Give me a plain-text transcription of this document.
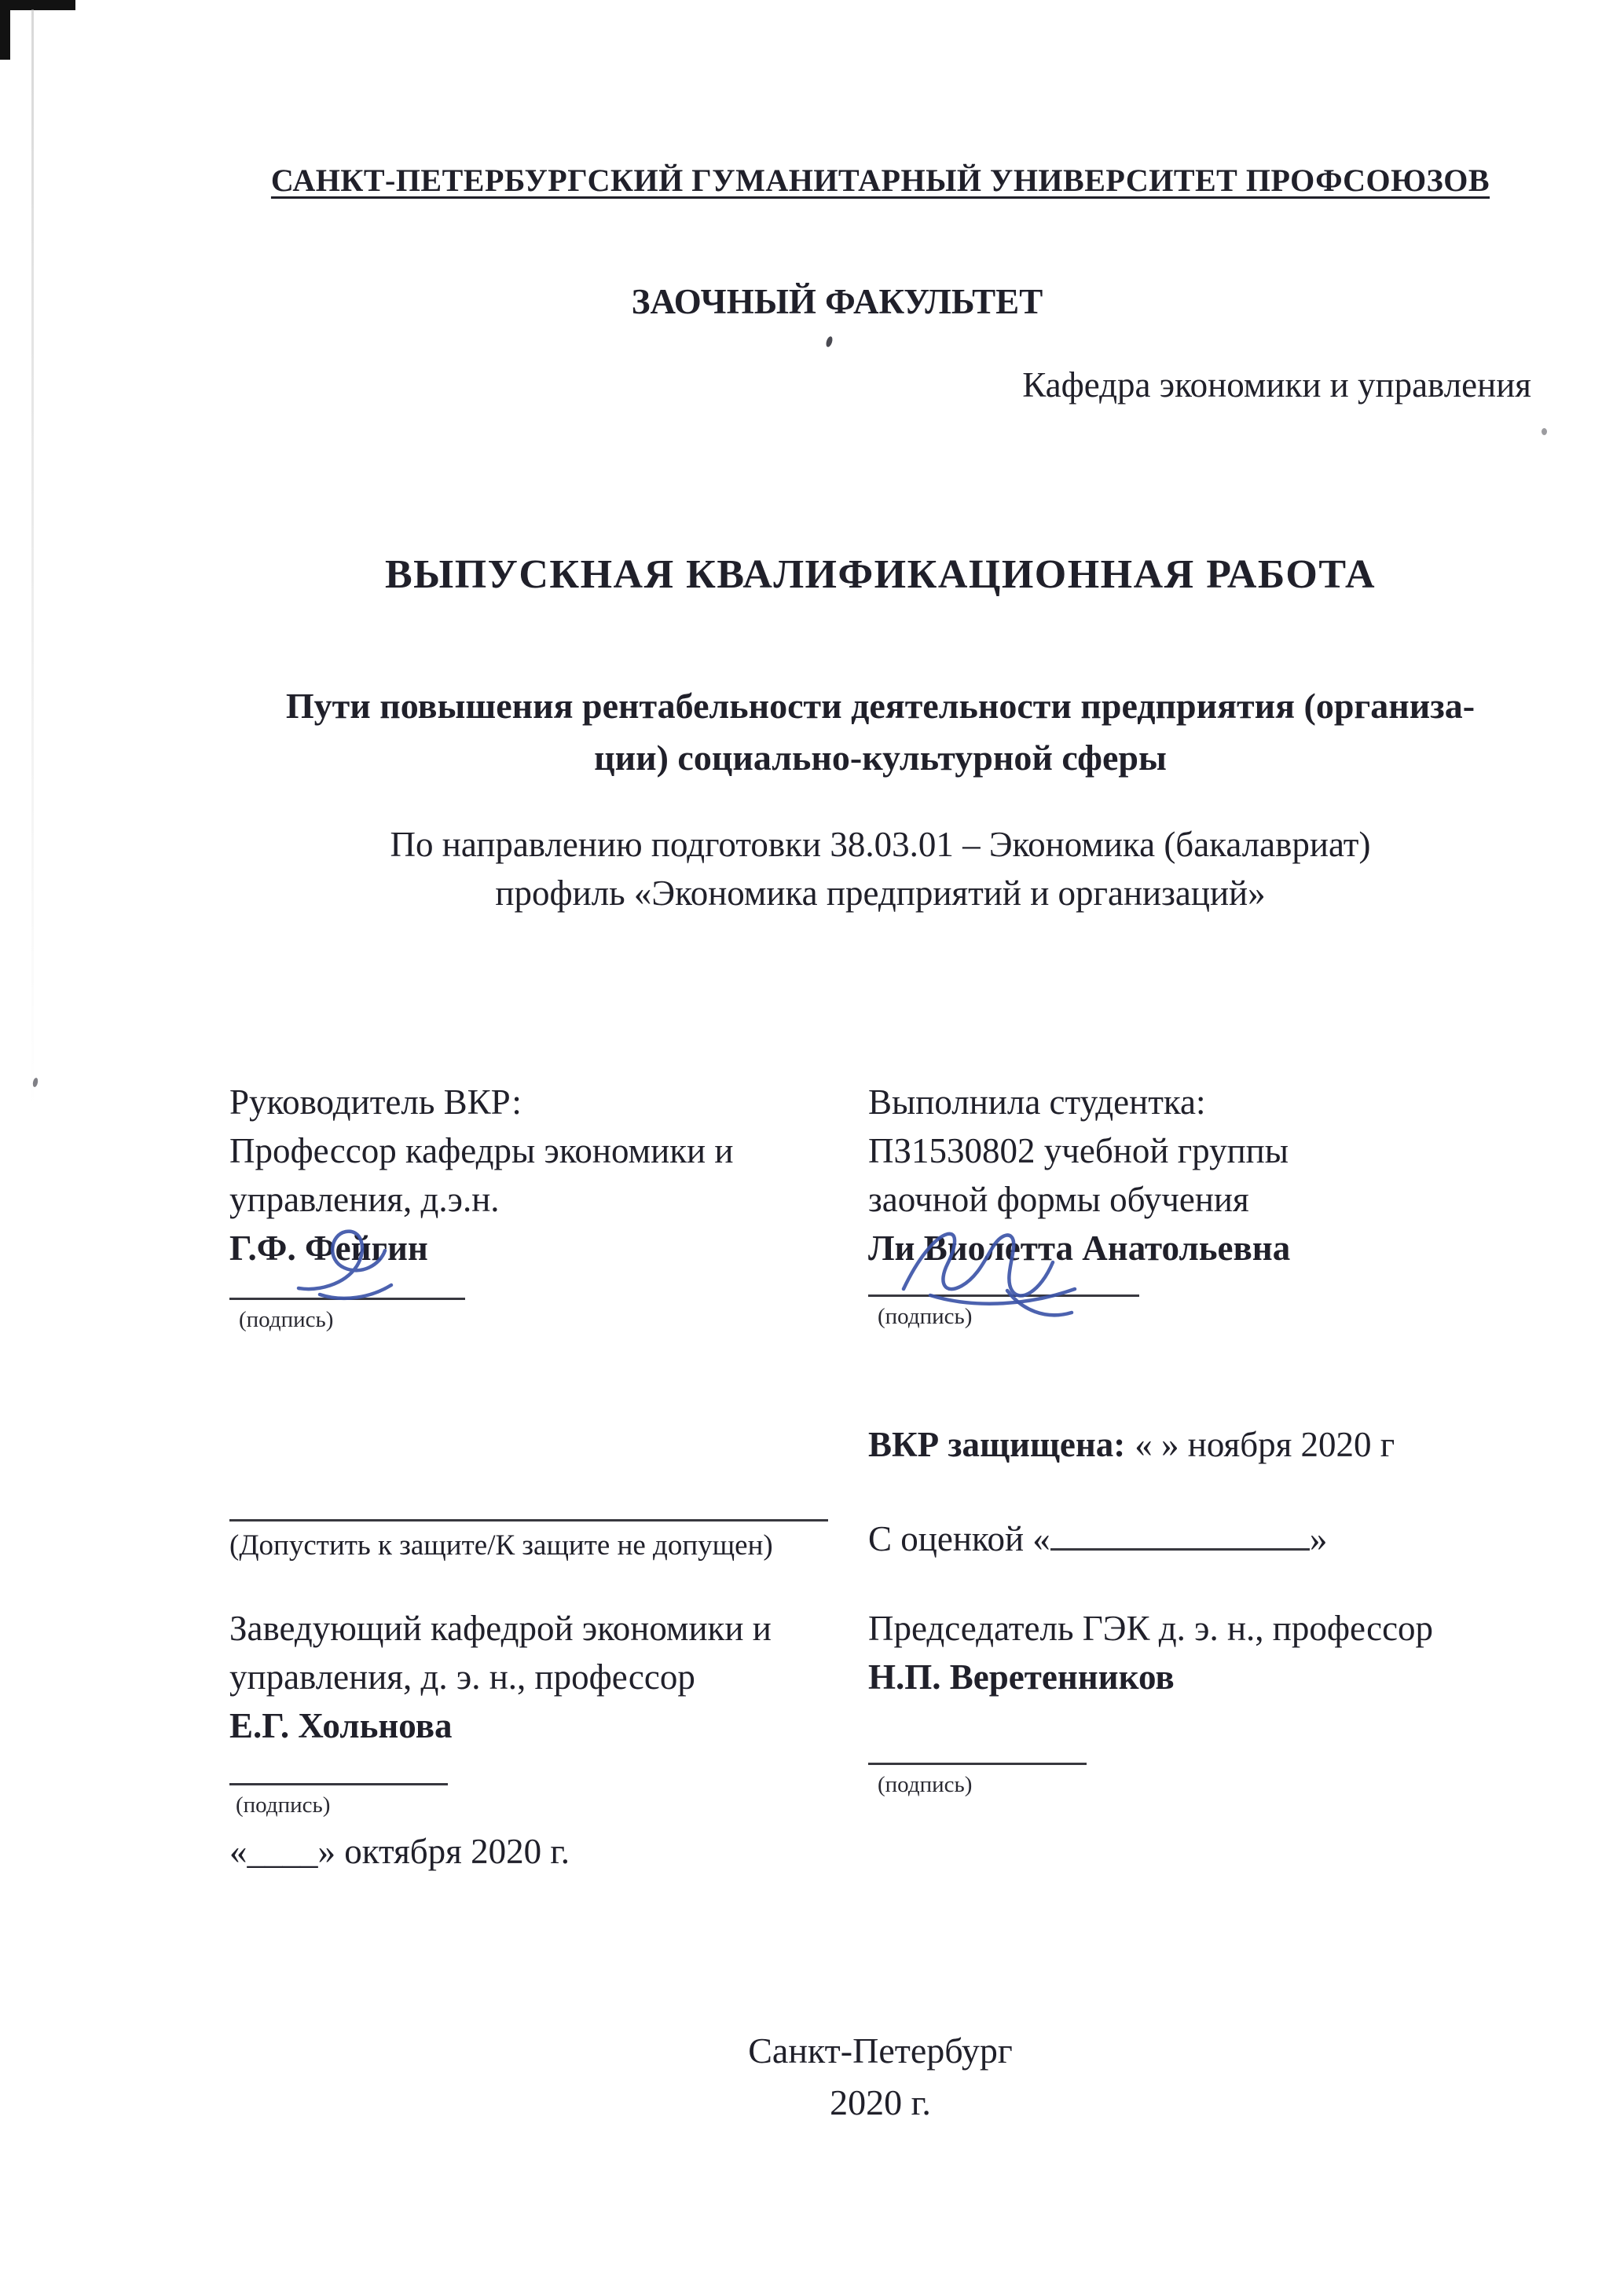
САНКТ-ПЕТЕРБУРГСКИЙ ГУМАНИТАРНЫЙ УНИВЕРСИТЕТ ПРОФСОЮЗОВ
ЗАОЧНЫЙ ФАКУЛЬТЕТ
Кафедра экономики и управления
ВЫПУСКНАЯ КВАЛИФИКАЦИОННАЯ РАБОТА
Пути повышения рентабельности деятельности предприятия (организа-
ции) социально-культурной сферы
По направлению подготовки 38.03.01 – Экономика (бакалавриат)
профиль «Экономика предприятий и организаций»
Руководитель ВКР:
Профессор кафедры экономики и
управления, д.э.н.
Г.Ф. Фейгин
Выполнила студентка:
ПЗ1530802 учебной группы
заочной формы обучения
Ли Виолетта Анатольевна
(подпись)	(подпись)
ВКР защищена: « » ноября 2020 г
(Допустить к защите/К защите не допущен)	С оценкой «	»
Заведующий кафедрой экономики и
управления, д. э. н., профессор
Е.Г. Хольнова
Председатель ГЭК д. э. н., профессор
Н.П. Веретенников
(подпись)
(подпись)
«____» октября 2020 г.
Санкт-Петербург
2020 г.
